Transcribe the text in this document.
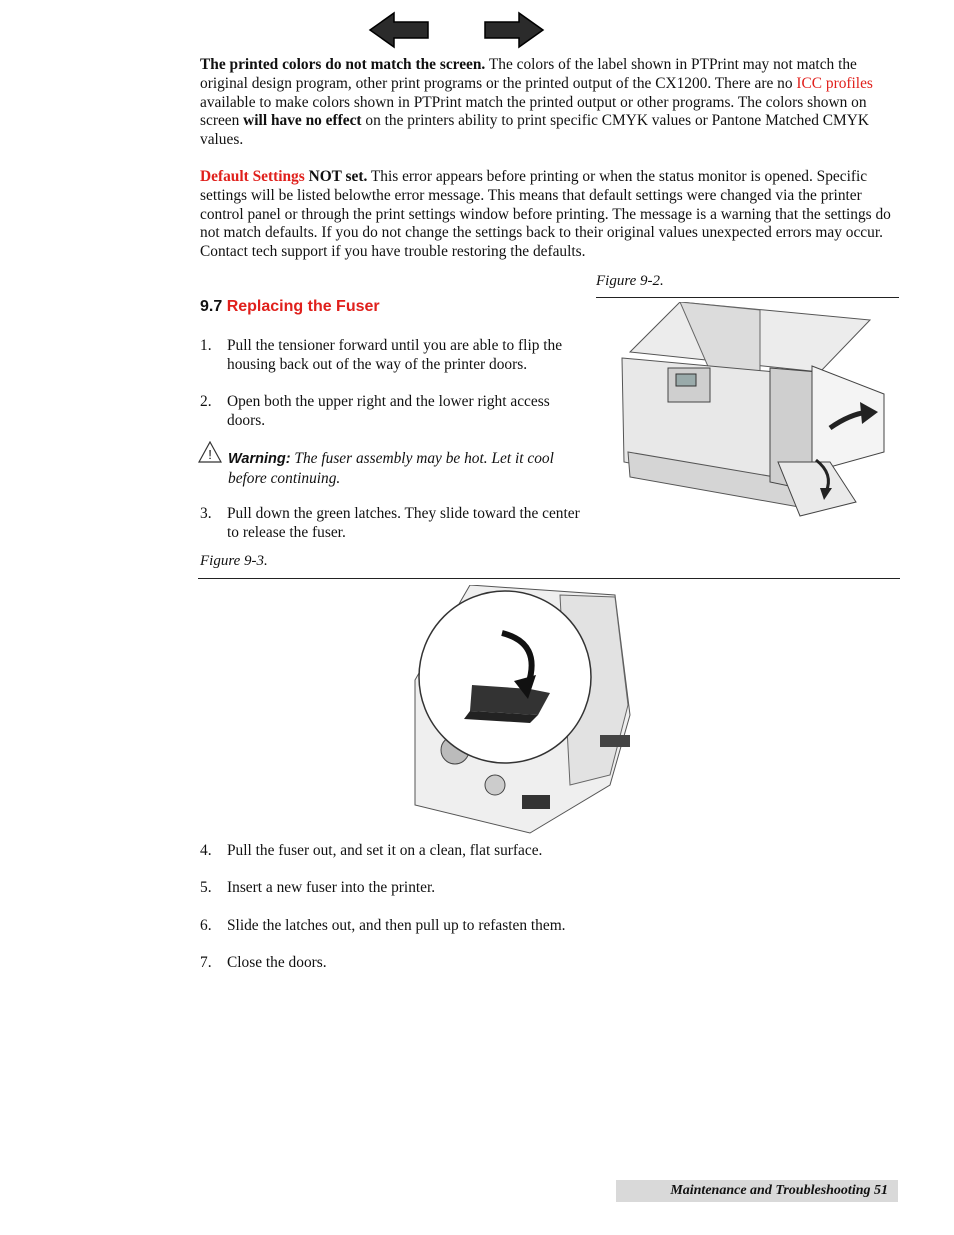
The printed colors do not match the screen. The colors of the label shown in PTPrint may not match the original design program, other print programs or the printed output of the CX1200. There are no ICC profiles available to make colors shown in PTPrint match the printed output or other programs. The colors shown on screen will have no effect on the printers ability to print specific CMYK values or Pantone Matched CMYK values.
Default Settings NOT set. This error appears before printing or when the status monitor is opened. Specific settings will be listed belowthe error message. This means that default settings were changed via the printer control panel or through the print settings window before printing. The message is a warning that the settings do not match defaults. If you do not change the settings back to their original values unexpected errors may occur. Contact tech support if you have trouble restoring the defaults.
9.7 Replacing the Fuser
Figure 9-2.
1.	Pull the tensioner forward until you are able to flip the housing back out of the way of the printer doors.
2.	Open both the upper right and the lower right access doors.
! Warning: The fuser assembly may be hot. Let it cool before continuing.
3.	Pull down the green latches. They slide toward the center to release the fuser.
Figure 9-3.
4.	Pull the fuser out, and set it on a clean, flat surface.
5.	Insert a new fuser into the printer.
6.	Slide the latches out, and then pull up to refasten them.
7.	Close the doors.
Maintenance and Troubleshooting 51
